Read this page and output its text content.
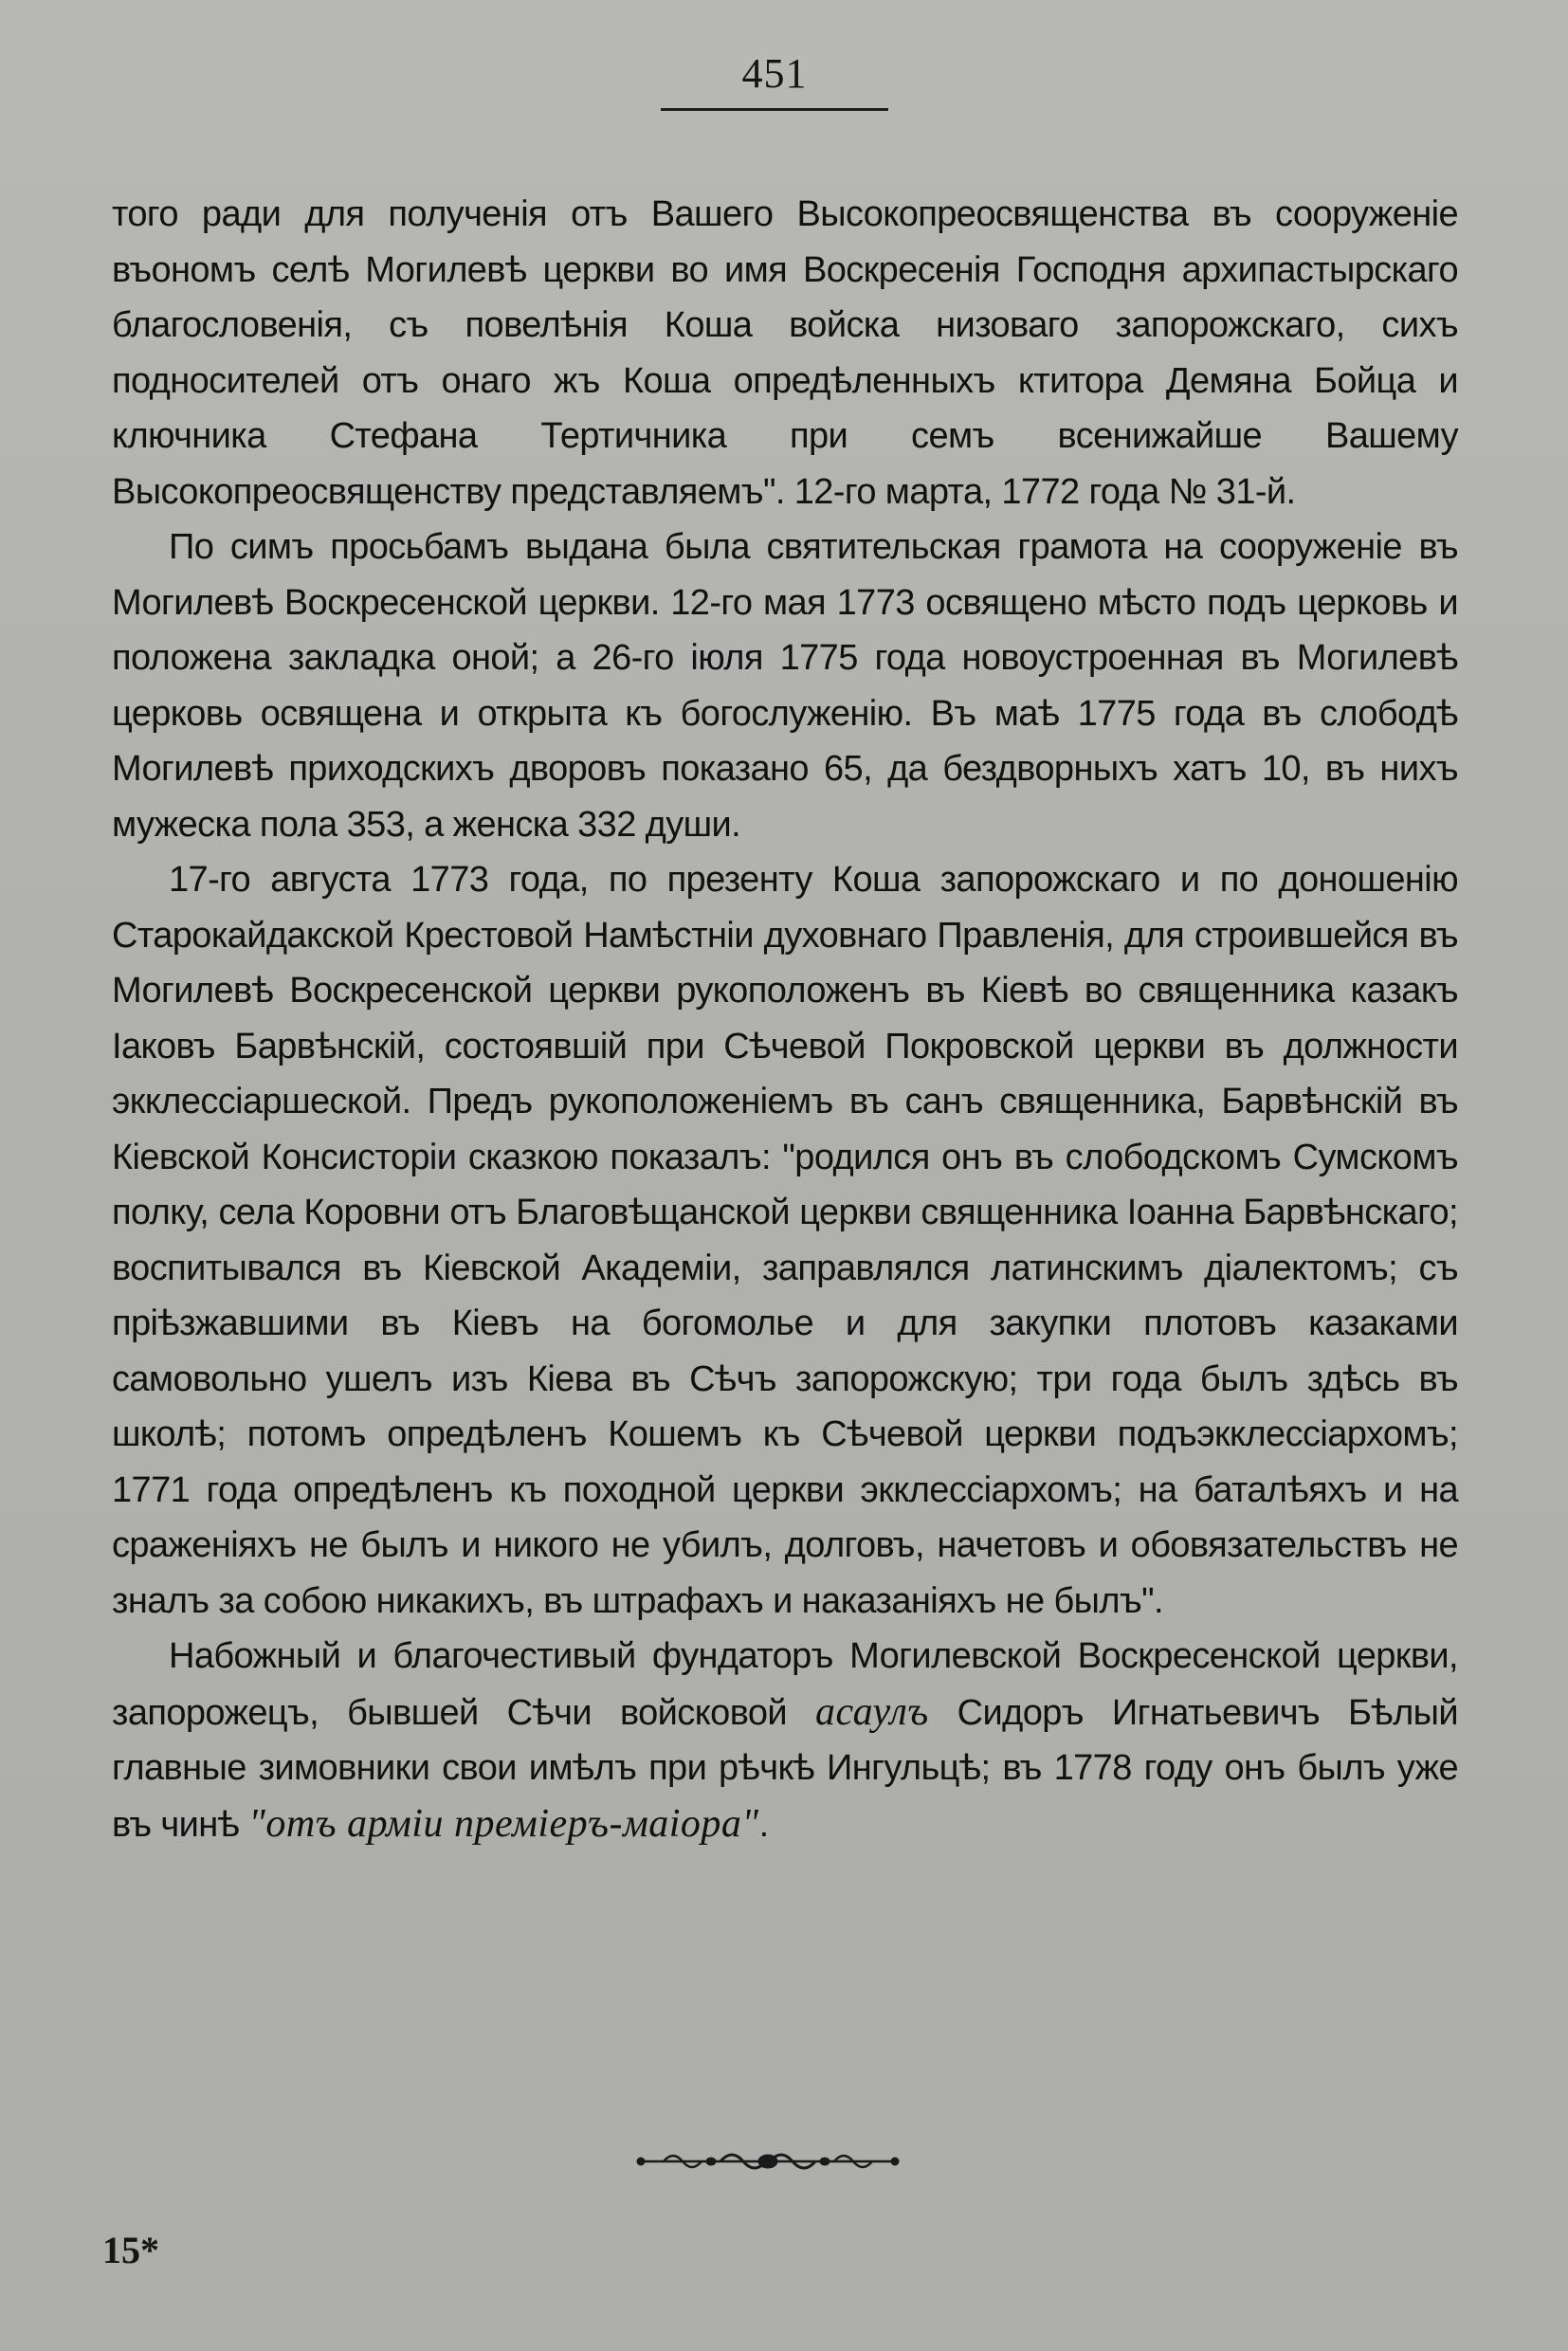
451

того ради для полученія отъ Вашего Высокопреосвященства въ сооруженіе въономъ селѣ Могилевѣ церкви во имя Воскресенія Господня архипастырскаго благословенія, съ повелѣнія Коша войска низоваго запорожскаго, сихъ подносителей отъ онаго жъ Коша опредѣленныхъ ктитора Демяна Бойца и ключника Стефана Тертичника при семъ всенижайше Вашему Высокопреосвященству представляемъ". 12-го марта, 1772 года № 31-й.

По симъ просьбамъ выдана была святительская грамота на сооруженіе въ Могилевѣ Воскресенской церкви. 12-го мая 1773 освящено мѣсто подъ церковь и положена закладка оной; а 26-го іюля 1775 года новоустроенная въ Могилевѣ церковь освящена и открыта къ богослуженію. Въ маѣ 1775 года въ слободѣ Могилевѣ приходскихъ дворовъ показано 65, да бездворныхъ хатъ 10, въ нихъ мужеска пола 353, а женска 332 души.

17-го августа 1773 года, по презенту Коша запорожскаго и по доношенію Старокайдакской Крестовой Намѣстніи духовнаго Правленія, для строившейся въ Могилевѣ Воскресенской церкви рукоположенъ въ Кіевѣ во священника казакъ Іаковъ Барвѣнскій, состоявшій при Сѣчевой Покровской церкви въ должности экклессіаршеской. Предъ рукоположеніемъ въ санъ священника, Барвѣнскій въ Кіевской Консисторіи сказкою показалъ: "родился онъ въ слободскомъ Сумскомъ полку, села Коровни отъ Благовѣщанской церкви священника Іоанна Барвѣнскаго; воспитывался въ Кіевской Академіи, заправлялся латинскимъ діалектомъ; съ пріѣзжавшими въ Кіевъ на богомолье и для закупки плотовъ казаками самовольно ушелъ изъ Кіева въ Сѣчъ запорожскую; три года былъ здѣсь въ школѣ; потомъ опредѣленъ Кошемъ къ Сѣчевой церкви подъэкклессіархомъ; 1771 года опредѣленъ къ походной церкви экклессіархомъ; на баталѣяхъ и на сраженіяхъ не былъ и никого не убилъ, долговъ, начетовъ и обовязательствъ не зналъ за собою никакихъ, въ штрафахъ и наказаніяхъ не былъ".

Набожный и благочестивый фундаторъ Могилевской Воскресенской церкви, запорожецъ, бывшей Сѣчи войсковой асаулъ Сидоръ Игнатьевичъ Бѣлый главные зимовники свои имѣлъ при рѣчкѣ Ингульцѣ; въ 1778 году онъ былъ уже въ чинѣ "отъ арміи преміеръ-маіора".

15*
